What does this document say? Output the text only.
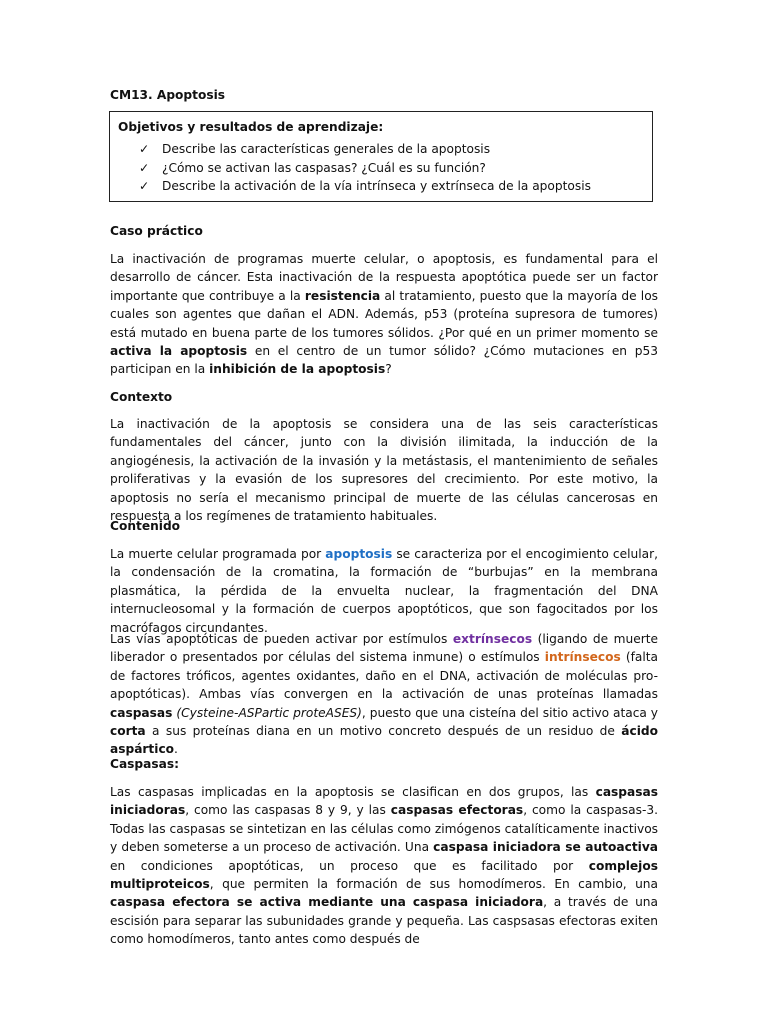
CM13. Apoptosis
Objetivos y resultados de aprendizaje:
✓ Describe las características generales de la apoptosis
✓ ¿Cómo se activan las caspasas? ¿Cuál es su función?
✓ Describe la activación de la vía intrínseca y extrínseca de la apoptosis
Caso práctico

La inactivación de programas muerte celular, o apoptosis, es fundamental para el desarrollo de cáncer. Esta inactivación de la respuesta apoptótica puede ser un factor importante que contribuye a la resistencia al tratamiento, puesto que la mayoría de los cuales son agentes que dañan el ADN. Además, p53 (proteína supresora de tumores) está mutado en buena parte de los tumores sólidos. ¿Por qué en un primer momento se activa la apoptosis en el centro de un tumor sólido? ¿Cómo mutaciones en p53 participan en la inhibición de la apoptosis?

Contexto

La inactivación de la apoptosis se considera una de las seis características fundamentales del cáncer, junto con la división ilimitada, la inducción de la angiogénesis, la activación de la invasión y la metástasis, el mantenimiento de señales proliferativas y la evasión de los supresores del crecimiento. Por este motivo, la apoptosis no sería el mecanismo principal de muerte de las células cancerosas en respuesta a los regímenes de tratamiento habituales.

Contenido

La muerte celular programada por apoptosis se caracteriza por el encogimiento celular, la condensación de la cromatina, la formación de “burbujas” en la membrana plasmática, la pérdida de la envuelta nuclear, la fragmentación del DNA internucleosomal y la formación de cuerpos apoptóticos, que son fagocitados por los macrófagos circundantes.

Las vías apoptóticas de pueden activar por estímulos extrínsecos (ligando de muerte liberador o presentados por células del sistema inmune) o estímulos intrínsecos (falta de factores tróficos, agentes oxidantes, daño en el DNA, activación de moléculas pro-apoptóticas). Ambas vías convergen en la activación de unas proteínas llamadas caspasas (Cysteine-ASPartic proteASES), puesto que una cisteína del sitio activo ataca y corta a sus proteínas diana en un motivo concreto después de un residuo de ácido aspártico.

Caspasas:

Las caspasas implicadas en la apoptosis se clasifican en dos grupos, las caspasas iniciadoras, como las caspasas 8 y 9, y las caspasas efectoras, como la caspasas-3. Todas las caspasas se sintetizan en las células como zimógenos catalíticamente inactivos y deben someterse a un proceso de activación. Una caspasa iniciadora se autoactiva en condiciones apoptóticas, un proceso que es facilitado por complejos multiproteicos, que permiten la formación de sus homodímeros. En cambio, una caspasa efectora se activa mediante una caspasa iniciadora, a través de una escisión para separar las subunidades grande y pequeña. Las caspsasas efectoras exiten como homodímeros, tanto antes como después de
